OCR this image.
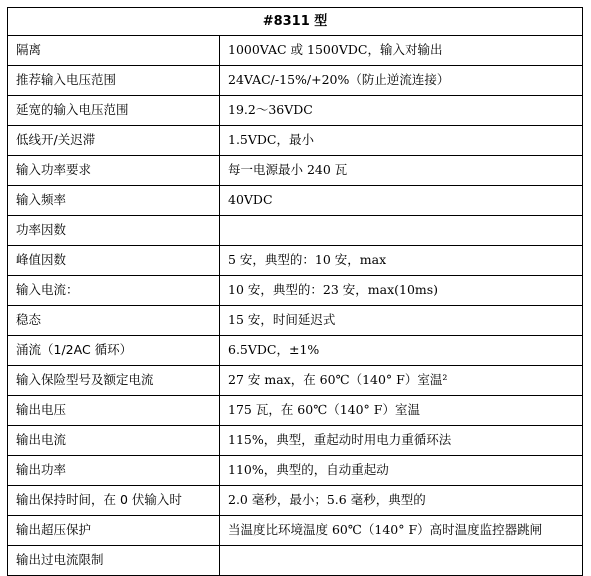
#8311 型	
隔离	1000VAC 或 1500VDC，输入对输出
推荐输入电压范围	24VAC/-15%/+20%（防止逆流连接）
延宽的输入电压范围	19.2～36VDC
低线开/关迟滞	1.5VDC，最小
输入功率要求	每一电源最小 240 瓦
输入频率	40VDC
功率因数	
峰值因数	5 安，典型的：10 安，max
输入电流：	10 安，典型的：23 安，max(10ms)
稳态	15 安，时间延迟式
涌流（1/2AC 循环）	6.5VDC，±1%
输入保险型号及额定电流	27 安 max，在 60℃（140° F）室温²
输出电压	175 瓦，在 60℃（140° F）室温
输出电流	115%，典型，重起动时用电力重循环法
输出功率	110%，典型的，自动重起动
输出保持时间，在 0 伏输入时	2.0 毫秒，最小；5.6 毫秒，典型的
输出超压保护	当温度比环境温度 60℃（140° F）高时温度监控器跳闸
输出过电流限制	
